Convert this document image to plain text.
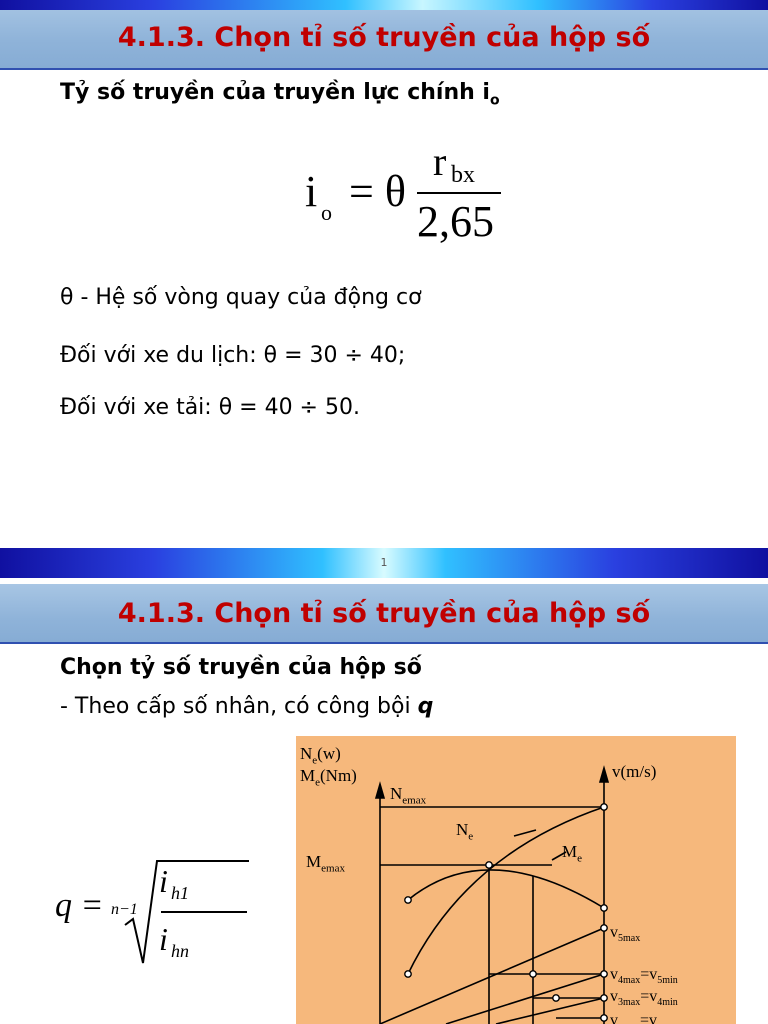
4.1.3. Chọn tỉ số truyền của hộp số
Tỷ số truyền của truyền lực chính $i_o$
i o = θ
r bx
2,65
θ - Hệ số vòng quay của động cơ
Đối với xe du lịch: θ = 30 ÷ 40;
Đối với xe tải: θ = 40 ÷ 50.
1
4.1.3. Chọn tỉ số truyền của hộp số
Chọn tỷ số truyền của hộp số
- Theo cấp số nhân, có công bội q
q = n−1
i h1
i hn
$N_e(w)$
$M_e(Nm)$	v(m/s)
$N_{emax}$
$N_e$
$M_{emax}$
$M_e$
$v_{5max}$
$v_{4max}=v_{5min}$
$v_{3max}=v_{4min}$
v =v
